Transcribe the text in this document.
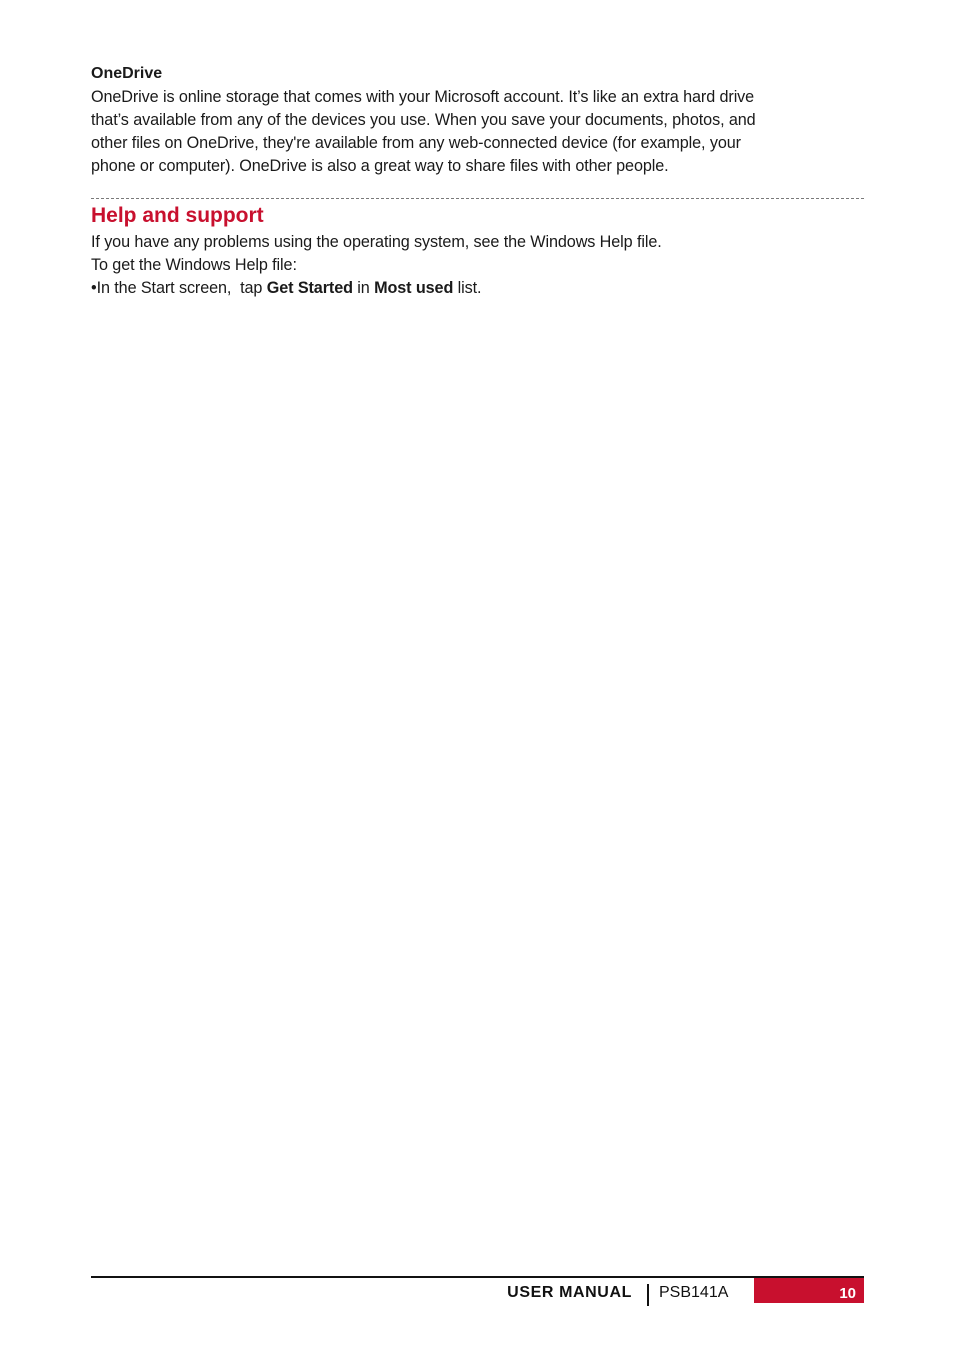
OneDrive

OneDrive is online storage that comes with your Microsoft account. It’s like an extra hard drive

that’s available from any of the devices you use. When you save your documents, photos, and

other files on OneDrive, they're available from any web-connected device (for example, your

phone or computer). OneDrive is also a great way to share files with other people.

Help and support

If you have any problems using the operating system, see the Windows Help file.

To get the Windows Help file:

•In the Start screen,  tap Get Started in Most used list.

USER MANUAL PSB141A	10
